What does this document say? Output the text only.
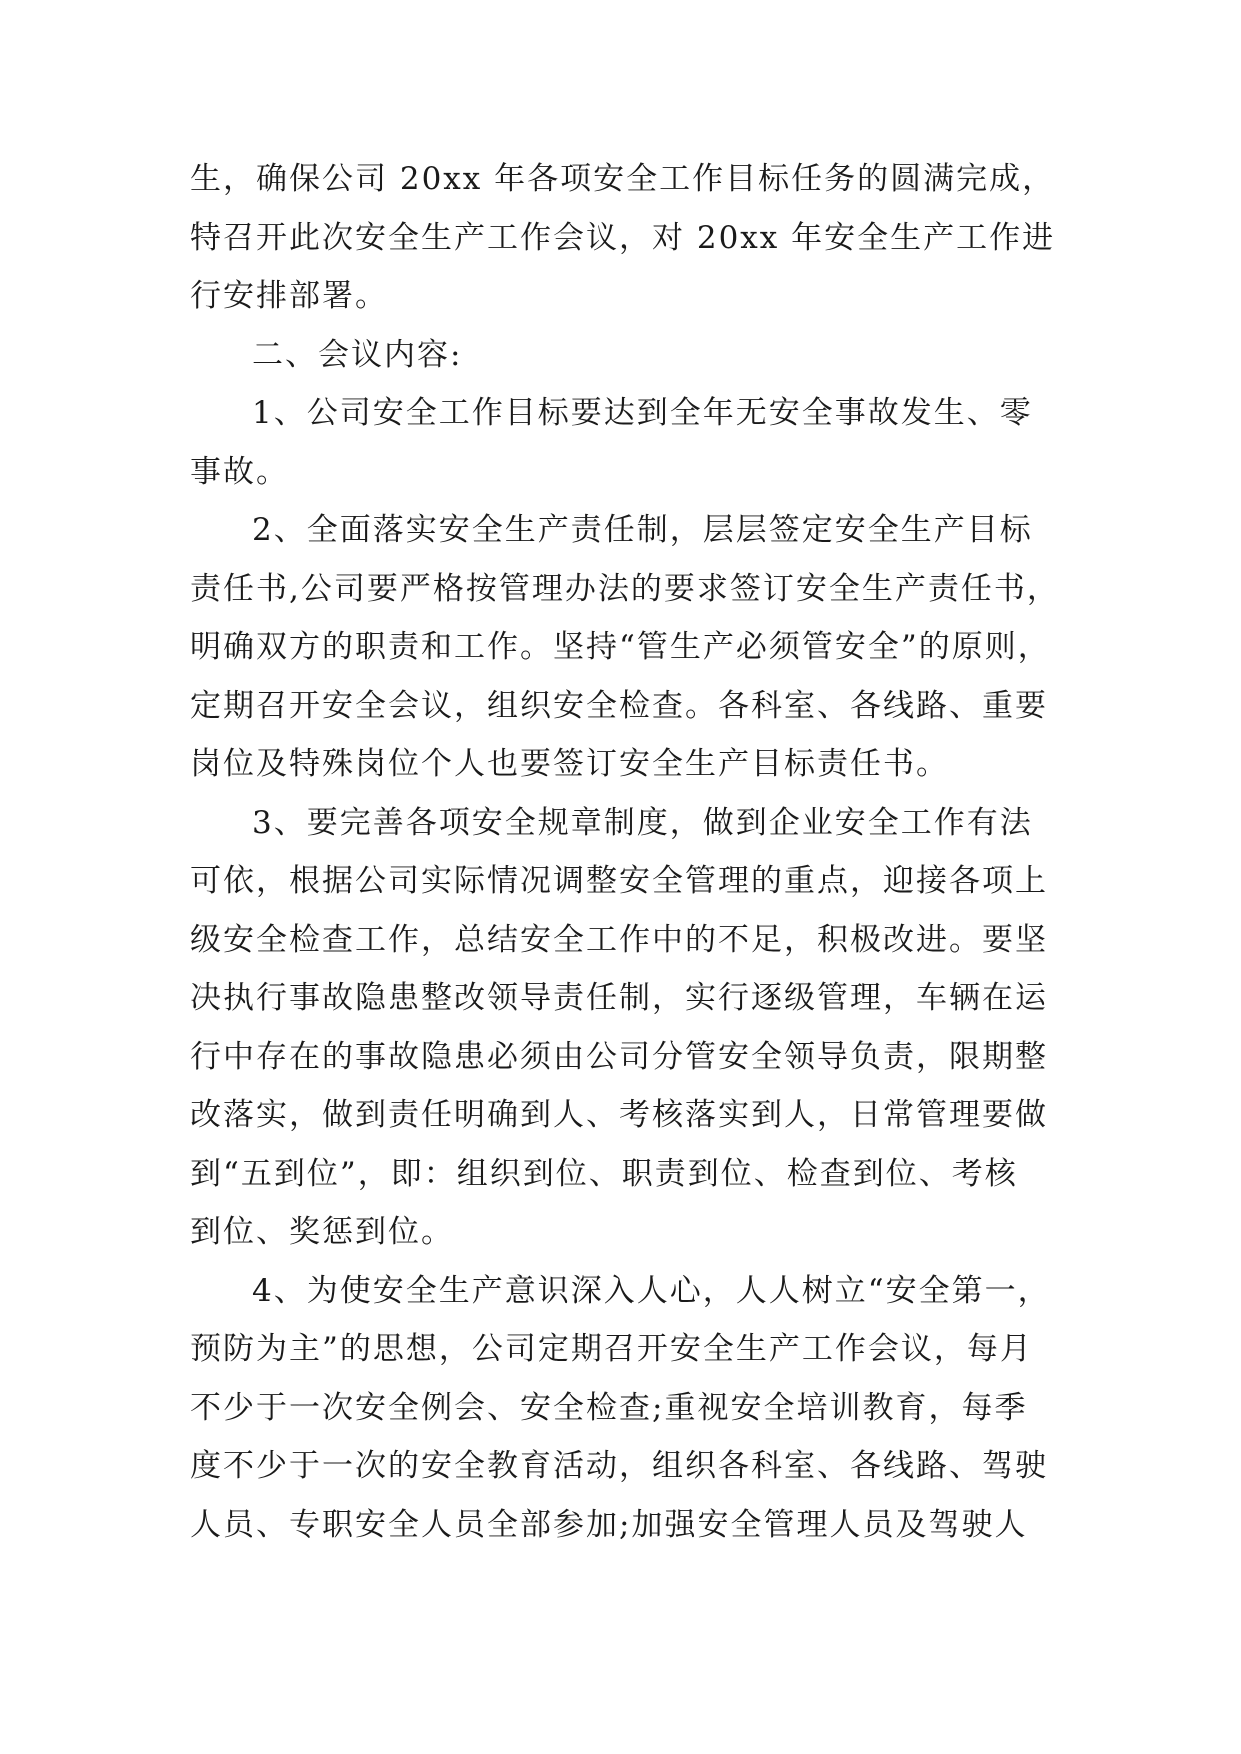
生，确保公司 20xx 年各项安全工作目标任务的圆满完成，
特召开此次安全生产工作会议，对 20xx 年安全生产工作进
行安排部署。
二、会议内容:
1、公司安全工作目标要达到全年无安全事故发生、零
事故。
2、全面落实安全生产责任制，层层签定安全生产目标
责任书,公司要严格按管理办法的要求签订安全生产责任书，
明确双方的职责和工作。坚持“管生产必须管安全”的原则，
定期召开安全会议，组织安全检查。各科室、各线路、重要
岗位及特殊岗位个人也要签订安全生产目标责任书。
3、要完善各项安全规章制度，做到企业安全工作有法
可依，根据公司实际情况调整安全管理的重点，迎接各项上
级安全检查工作，总结安全工作中的不足，积极改进。要坚
决执行事故隐患整改领导责任制，实行逐级管理，车辆在运
行中存在的事故隐患必须由公司分管安全领导负责，限期整
改落实，做到责任明确到人、考核落实到人，日常管理要做
到“五到位”，即：组织到位、职责到位、检查到位、考核
到位、奖惩到位。
4、为使安全生产意识深入人心，人人树立“安全第一，
预防为主”的思想，公司定期召开安全生产工作会议，每月
不少于一次安全例会、安全检查;重视安全培训教育，每季
度不少于一次的安全教育活动，组织各科室、各线路、驾驶
人员、专职安全人员全部参加;加强安全管理人员及驾驶人
